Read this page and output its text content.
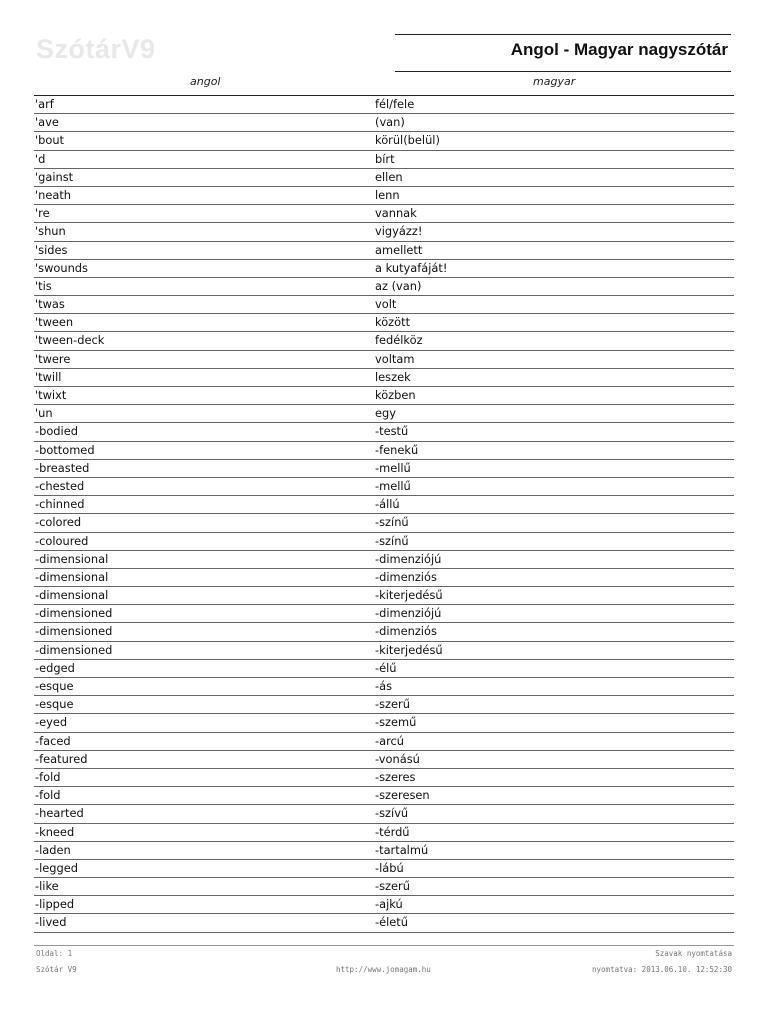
SzótárV9	Angol - Magyar nagyszótár
angol	magyar
'arf	fél/fele
'ave	(van)
'bout	körül(belül)
'd	bírt
'gainst	ellen
'neath	lenn
're	vannak
'shun	vigyázz!
'sides	amellett
'swounds	a kutyafáját!
'tis	az (van)
'twas	volt
'tween	között
'tween-deck	fedélköz
'twere	voltam
'twill	leszek
'twixt	közben
'un	egy
-bodied	-testű
-bottomed	-fenekű
-breasted	-mellű
-chested	-mellű
-chinned	-állú
-colored	-színű
-coloured	-színű
-dimensional	-dimenziójú
-dimensional	-dimenziós
-dimensional	-kiterjedésű
-dimensioned	-dimenziójú
-dimensioned	-dimenziós
-dimensioned	-kiterjedésű
-edged	-élű
-esque	-ás
-esque	-szerű
-eyed	-szemű
-faced	-arcú
-featured	-vonású
-fold	-szeres
-fold	-szeresen
-hearted	-szívű
-kneed	-térdű
-laden	-tartalmú
-legged	-lábú
-like	-szerű
-lipped	-ajkú
-lived	-életű
Oldal: 1	Szavak nyomtatása
Szótár V9	http://www.jomagam.hu	nyomtatva: 2013.06.10. 12:52:30
